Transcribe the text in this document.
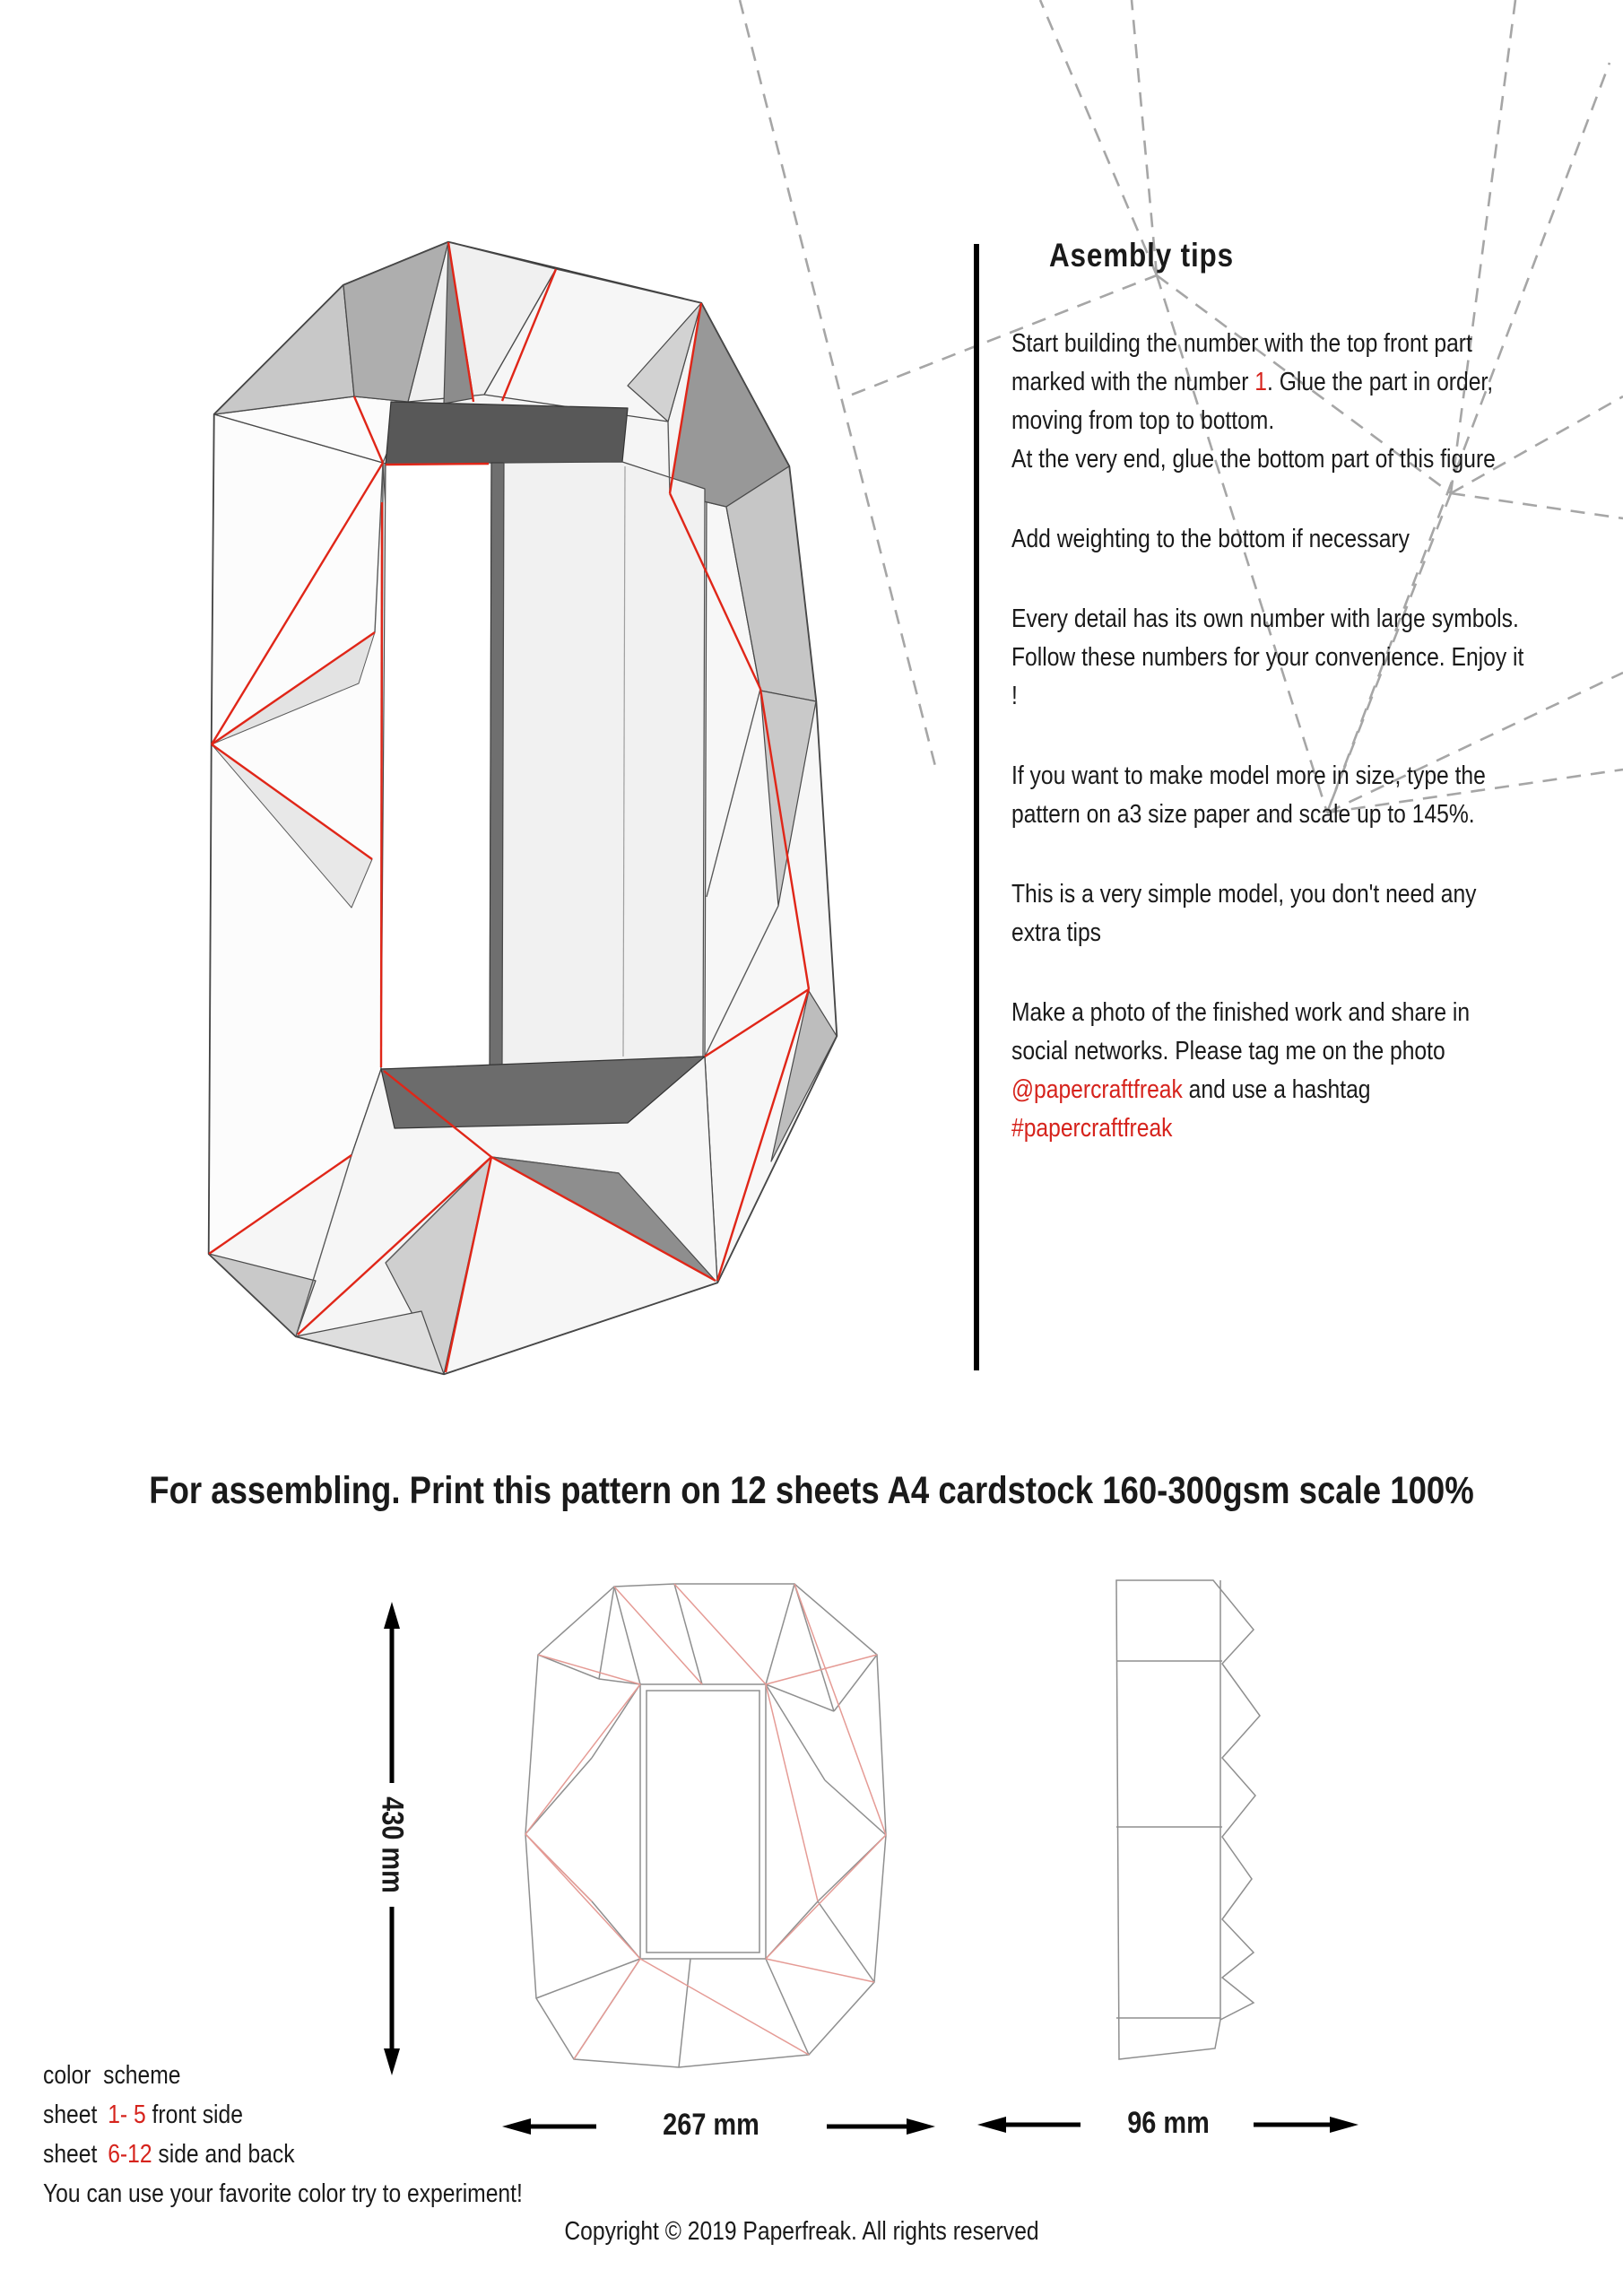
Asembly tips

Start building the number with the top front part marked with the number 1. Glue the part in order, moving from top to bottom.
At the very end, glue the bottom part of this figure

Add weighting to the bottom if necessary

Every detail has its own number with large symbols. Follow these numbers for your convenience. Enjoy it !

If you want to make model more in size, type the pattern on a3 size paper and scale up to 145%.

This is a very simple model, you don't need any extra tips

Make a photo of the finished work and share in social networks. Please tag me on the photo @papercraftfreak and use a hashtag
#papercraftfreak

For assembling. Print this pattern on 12 sheets A4 cardstock 160-300gsm scale 100%
430 mm
267 mm	96 mm
color  scheme
sheet 1- 5 front side
sheet 6-12 side and back
You can use your favorite color try to experiment!
Copyright © 2019 Paperfreak. All rights reserved
